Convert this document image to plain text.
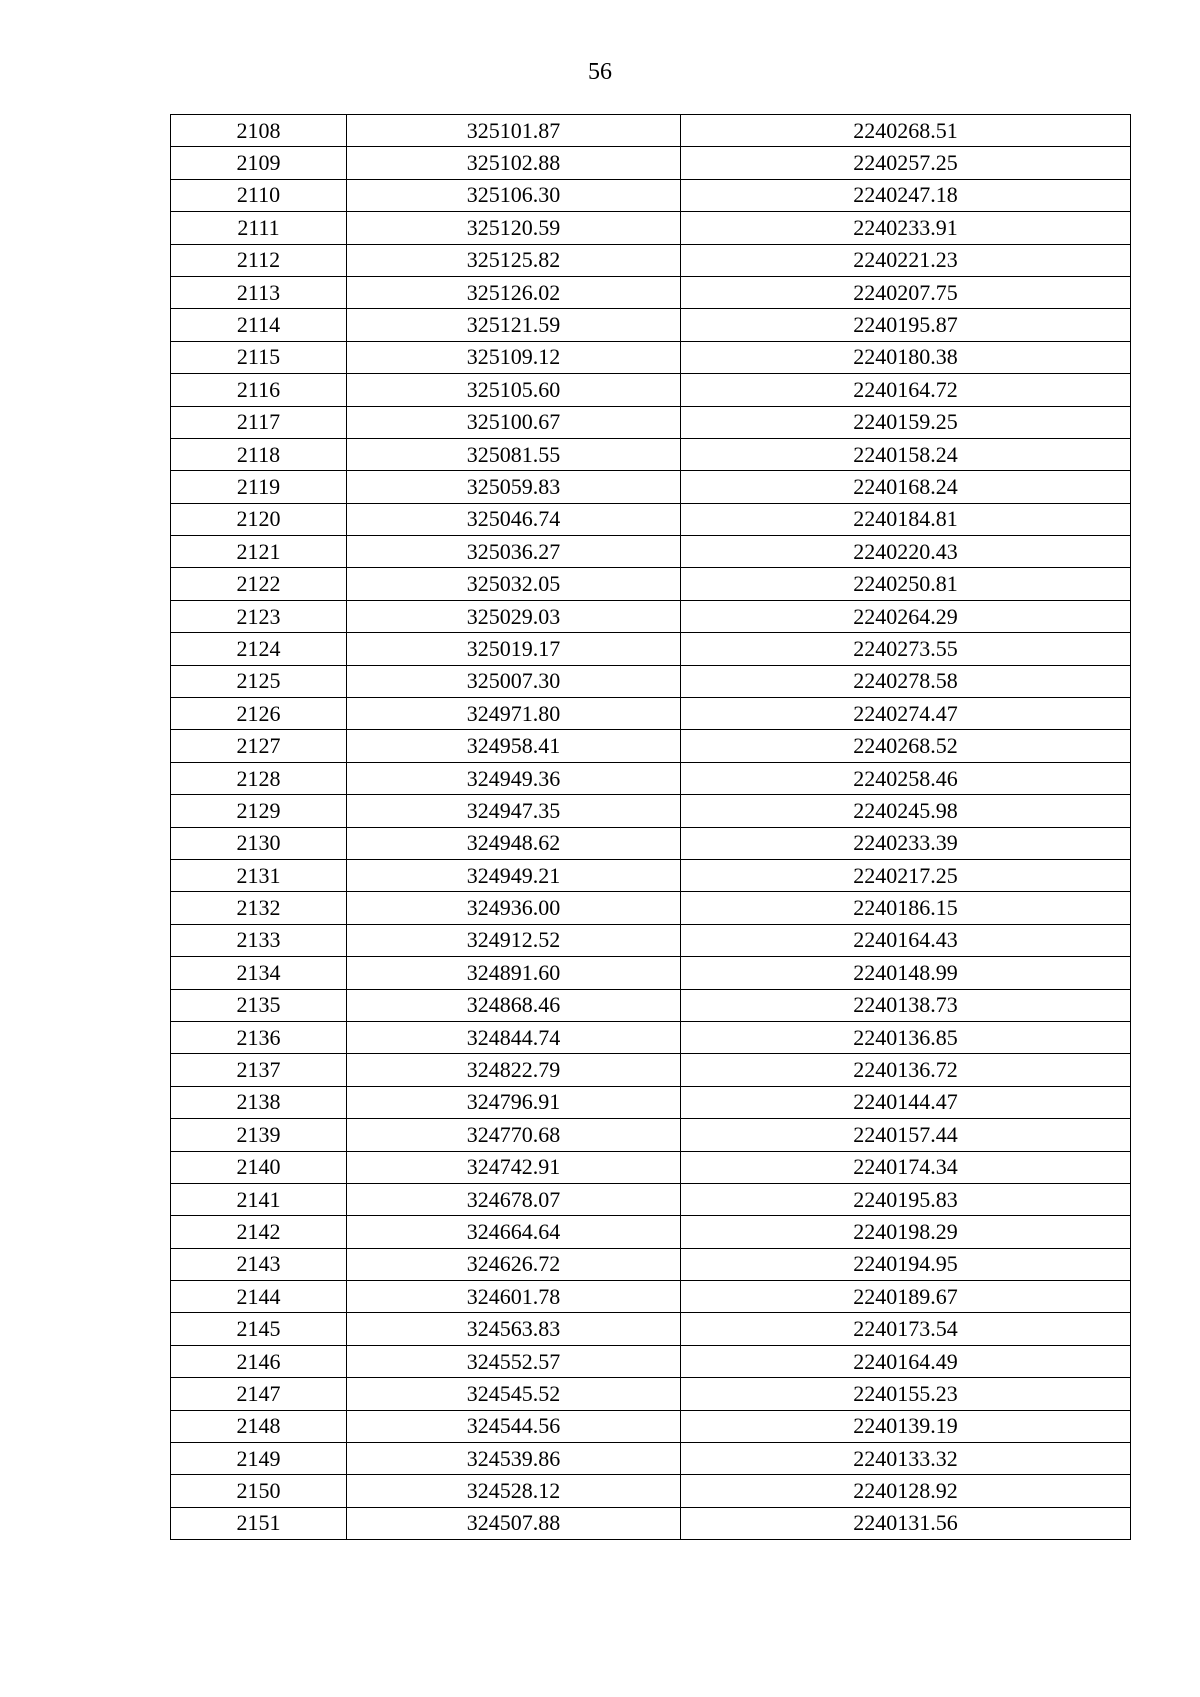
56
2108	325101.87	2240268.51
2109	325102.88	2240257.25
2110	325106.30	2240247.18
2111	325120.59	2240233.91
2112	325125.82	2240221.23
2113	325126.02	2240207.75
2114	325121.59	2240195.87
2115	325109.12	2240180.38
2116	325105.60	2240164.72
2117	325100.67	2240159.25
2118	325081.55	2240158.24
2119	325059.83	2240168.24
2120	325046.74	2240184.81
2121	325036.27	2240220.43
2122	325032.05	2240250.81
2123	325029.03	2240264.29
2124	325019.17	2240273.55
2125	325007.30	2240278.58
2126	324971.80	2240274.47
2127	324958.41	2240268.52
2128	324949.36	2240258.46
2129	324947.35	2240245.98
2130	324948.62	2240233.39
2131	324949.21	2240217.25
2132	324936.00	2240186.15
2133	324912.52	2240164.43
2134	324891.60	2240148.99
2135	324868.46	2240138.73
2136	324844.74	2240136.85
2137	324822.79	2240136.72
2138	324796.91	2240144.47
2139	324770.68	2240157.44
2140	324742.91	2240174.34
2141	324678.07	2240195.83
2142	324664.64	2240198.29
2143	324626.72	2240194.95
2144	324601.78	2240189.67
2145	324563.83	2240173.54
2146	324552.57	2240164.49
2147	324545.52	2240155.23
2148	324544.56	2240139.19
2149	324539.86	2240133.32
2150	324528.12	2240128.92
2151	324507.88	2240131.56
